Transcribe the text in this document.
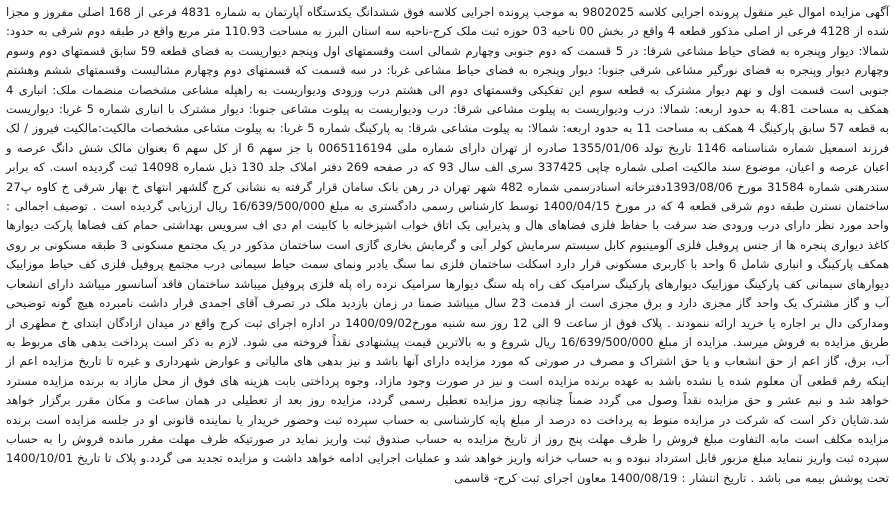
آگهی مزایده اموال غیر منقول پرونده اجرایی کلاسه 9802025 به موجب پرونده اجرایی کلاسه فوق ششدانگ یکدستگاه آپارتمان به شماره 4831 فرعی از 168 اصلی مفروز و مجزا شده از 4128 فرعی از اصلی مذکور قطعه 4 واقع در بخش 00 ناحیه 03 حوزه ثبت ملک کرج-ناحیه سه استان البرز به مساحت 110.93 متر مربع واقع در طبقه دوم شرقی به حدود: شمالا: دیوار وپنجره به فضای حیاط مشاعی شرقا: در 5 قسمت که دوم جنوبی وچهارم شمالی است وقسمتهای اول وپنجم دیواریست به فضای قطعه 59 سابق قسمتهای دوم وسوم وچهارم دیوار وپنجره به فضای نورگیر مشاعی شرقی جنوبا: دیوار وپنجره به فضای حیاط مشاعی غربا: در سه قسمت که قسمتهای دوم وچهارم مشالیست وقسمتهای ششم وهشتم جنوبی است قسمت اول و نهم دیوار مشترک به قطعه سوم این تفکیکی وقسمتهای دوم الی هشتم درب ورودی ودیواریست به راهپله مشاعی مشخصات منضمات ملک: انباری 4 همکف به مساحت 4.81 به حدود اربعه: شمالا: درب ودیواریست به پیلوت مشاعی شرقا: درب ودیواریست به پیلوت مشاعی جنوبا: دیوار مشترک با انباری شماره 5 غربا: دیواریست به قطعه 57 سابق پارکینگ 4 همکف به مساحت 11 به حدود اربعه: شمالا: به پیلوت مشاعی شرقا: به پارکینگ شماره 5 غربا: به پیلوت مشاعی مشخصات مالکیت:مالکیت فیروز / لک فرزند اسمعیل شماره شناسنامه 1146 تاریخ تولد 1355/01/06 صادره از تهران دارای شماره ملی 0065116194 با جز سهم 6 از کل سهم 6 بعنوان مالک شش دانگ عرصه و اعیان عرصه و اعیان، موضوع سند مالکیت اصلی شماره چاپی 337425 سری الف سال 93 که در صفحه 269 دفتر املاک جلد 130 ذیل شماره 14098 ثبت گردیده است. که برابر سندرهنی شماره 31584 مورخ 1393/08/06دفترخانه اسنادرسمی شماره 482 شهر تهران در رهن بانک سامان قرار گرفته به نشانی کرج گلشهر انتهای خ بهار شرقی خ کاوه پ27 ساختمان نسترن طبقه دوم شرقی قطعه 4 که در مورخ 1400/04/15 توسط کارشناس رسمی دادگستری به مبلغ 16/639/500/000 ریال ارزیابی گردیده است . توصیف اجمالی : واحد مورد نظر دارای درب ورودی ضد سرقت با حفاظ فلزی فضاهای هال و پذیرایی یک اتاق خواب اشپزخانه با کابینت ام دی اف سرویس بهداشتی حمام کف فضاها پارکت دیوارها کاغذ دیواری پنجره ها از جنس پروفیل فلزی آلومینیوم کابل سیستم سرمایش کولر آبی و گرمایش بخاری گازی است ساختمان مذکور در یک مجتمع مسکونی 3 طبقه مسکونی بر روی همکف پارکینگ و انباری شامل 6 واحد با کاربری مسکونی قرار دارد اسکلت ساختمان فلزی نما سنگ یادبر ونمای سمت حیاط سیمانی درب مجتمع پروفیل فلزی کف حیاط موزاییک دیوارهای سیمانی کف پارکینگ موزاییک دیوارهای پارکینگ سرامیک کف راه پله سنگ دیوارها سرامیک نرده راه پله فلزی پروفیل میباشد ساختمان فاقد آسانسور میباشد دارای انشعاب آب و گاز مشترک یک واحد گاز مجزی دارد و برق مجزی است از قدمت 23 سال میباشد ضمنا در زمان بازدید ملک در تصرف آقای احمدی قرار داشت نامبرده هیچ گونه توضیحی ومدارکی دال بر اجاره یا خرید ارائه ننمودند . پلاک فوق از ساعت 9 الی 12 روز سه شنبه مورخ1400/09/02 در اداره اجرای ثبت کرج واقع در میدان ازادگان ابتدای خ مطهری از طریق مزایده به فروش میرسد. مزایده از مبلغ 16/639/500/000 ریال شروع و به بالاترین قیمت پیشنهادی نقداً فروخته می شود. لازم به ذکر است پرداخت بدهی های مربوط به آب، برق، گاز اعم از حق انشعاب و یا حق اشتراک و مصرف در صورتی که مورد مزایده دارای آنها باشد و نیز بدهی های مالیاتی و عوارض شهرداری و غیره تا تاریخ مزایده اعم از اینکه رقم قطعی آن معلوم شده یا نشده باشد به عهده برنده مزایده است و نیز در صورت وجود مازاد، وجوه پرداختی بابت هزینه های فوق از محل مازاد به برنده مزایده مسترد خواهد شد و نیم عشر و حق مزایده نقداً وصول می گردد ضمناً چنانچه روز مزایده تعطیل رسمی گردد، مزایده روز بعد از تعطیلی در همان ساعت و مکان مقرر برگزار خواهد شد.شایان ذکر است که شرکت در مزایده منوط به پرداخت ده درصد از مبلغ پایه کارشناسی به حساب سپرده ثبت وحضور خریدار یا نماینده قانونی او در جلسه مزایده است برنده مزایده مکلف است مابه التفاوت مبلغ فروش را ظرف مهلت پنج روز از تاریخ مزایده به حساب صندوق ثبت واریز نماید در صورتیکه ظرف مهلت مقرر مانده فروش را به حساب سپرده ثبت واریز ننماید مبلغ مزبور قابل استرداد نبوده و به حساب خزانه واریز خواهد شد و عملیات اجرایی ادامه خواهد داشت و مزایده تجدید می گردد.و پلاک تا تاریخ 1400/10/01 تحت پوشش بیمه می باشد . تاریخ انتشار : 1400/08/19 معاون اجرای ثبت کرج- قاسمی
